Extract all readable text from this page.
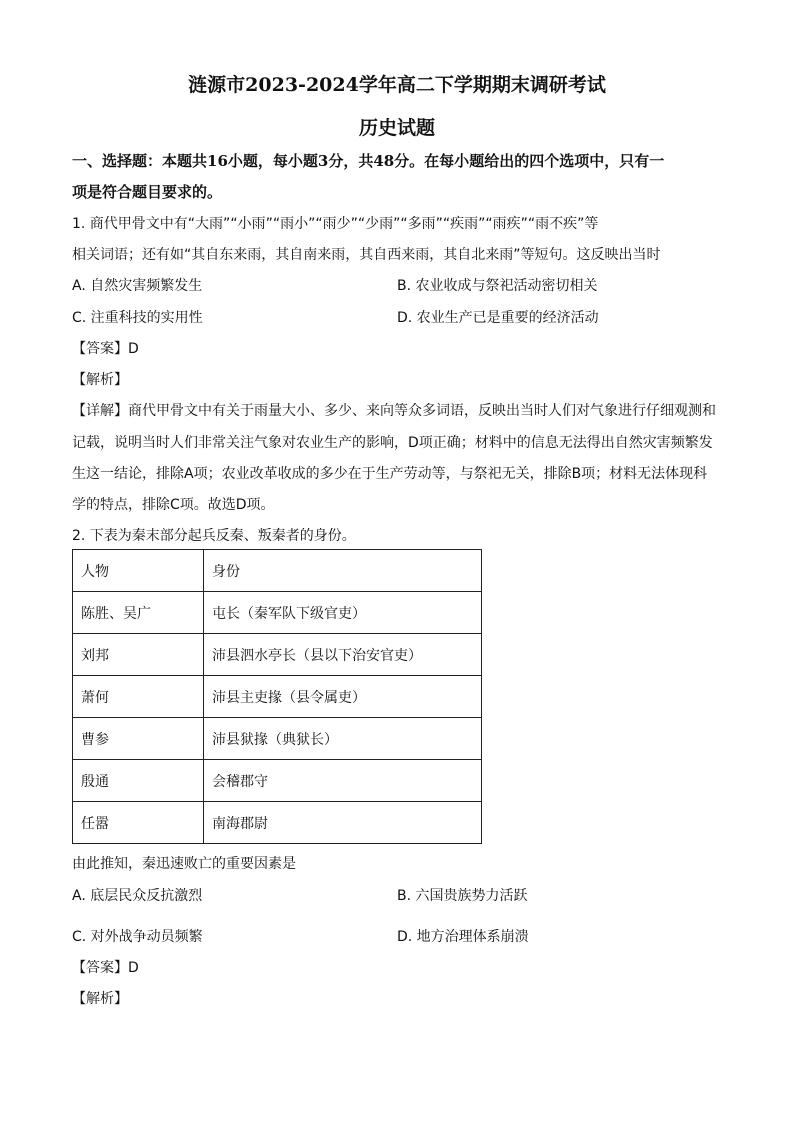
涟源市2023-2024学年高二下学期期末调研考试
历史试题
一、选择题：本题共16小题，每小题3分，共48分。在每小题给出的四个选项中，只有一
项是符合题目要求的。
1. 商代甲骨文中有“大雨”“小雨”“雨小”“雨少”“少雨”“多雨”“疾雨”“雨疾”“雨不疾”等
相关词语；还有如“其自东来雨，其自南来雨，其自西来雨，其自北来雨”等短句。这反映出当时
A. 自然灾害频繁发生	B. 农业收成与祭祀活动密切相关
C. 注重科技的实用性	D. 农业生产已是重要的经济活动
【答案】D
【解析】
【详解】商代甲骨文中有关于雨量大小、多少、来向等众多词语，反映出当时人们对气象进行仔细观测和
记载，说明当时人们非常关注气象对农业生产的影响，D项正确；材料中的信息无法得出自然灾害频繁发
生这一结论，排除A项；农业改革收成的多少在于生产劳动等，与祭祀无关，排除B项；材料无法体现科
学的特点，排除C项。故选D项。
2. 下表为秦末部分起兵反秦、叛秦者的身份。
人物	身份
陈胜、吴广	屯长（秦军队下级官吏）
刘邦	沛县泗水亭长（县以下治安官吏）
萧何	沛县主吏掾（县令属吏）
曹参	沛县狱掾（典狱长）
殷通	会稽郡守
任嚣	南海郡尉
由此推知，秦迅速败亡的重要因素是
A. 底层民众反抗激烈	B. 六国贵族势力活跃
C. 对外战争动员频繁	D. 地方治理体系崩溃
【答案】D
【解析】
